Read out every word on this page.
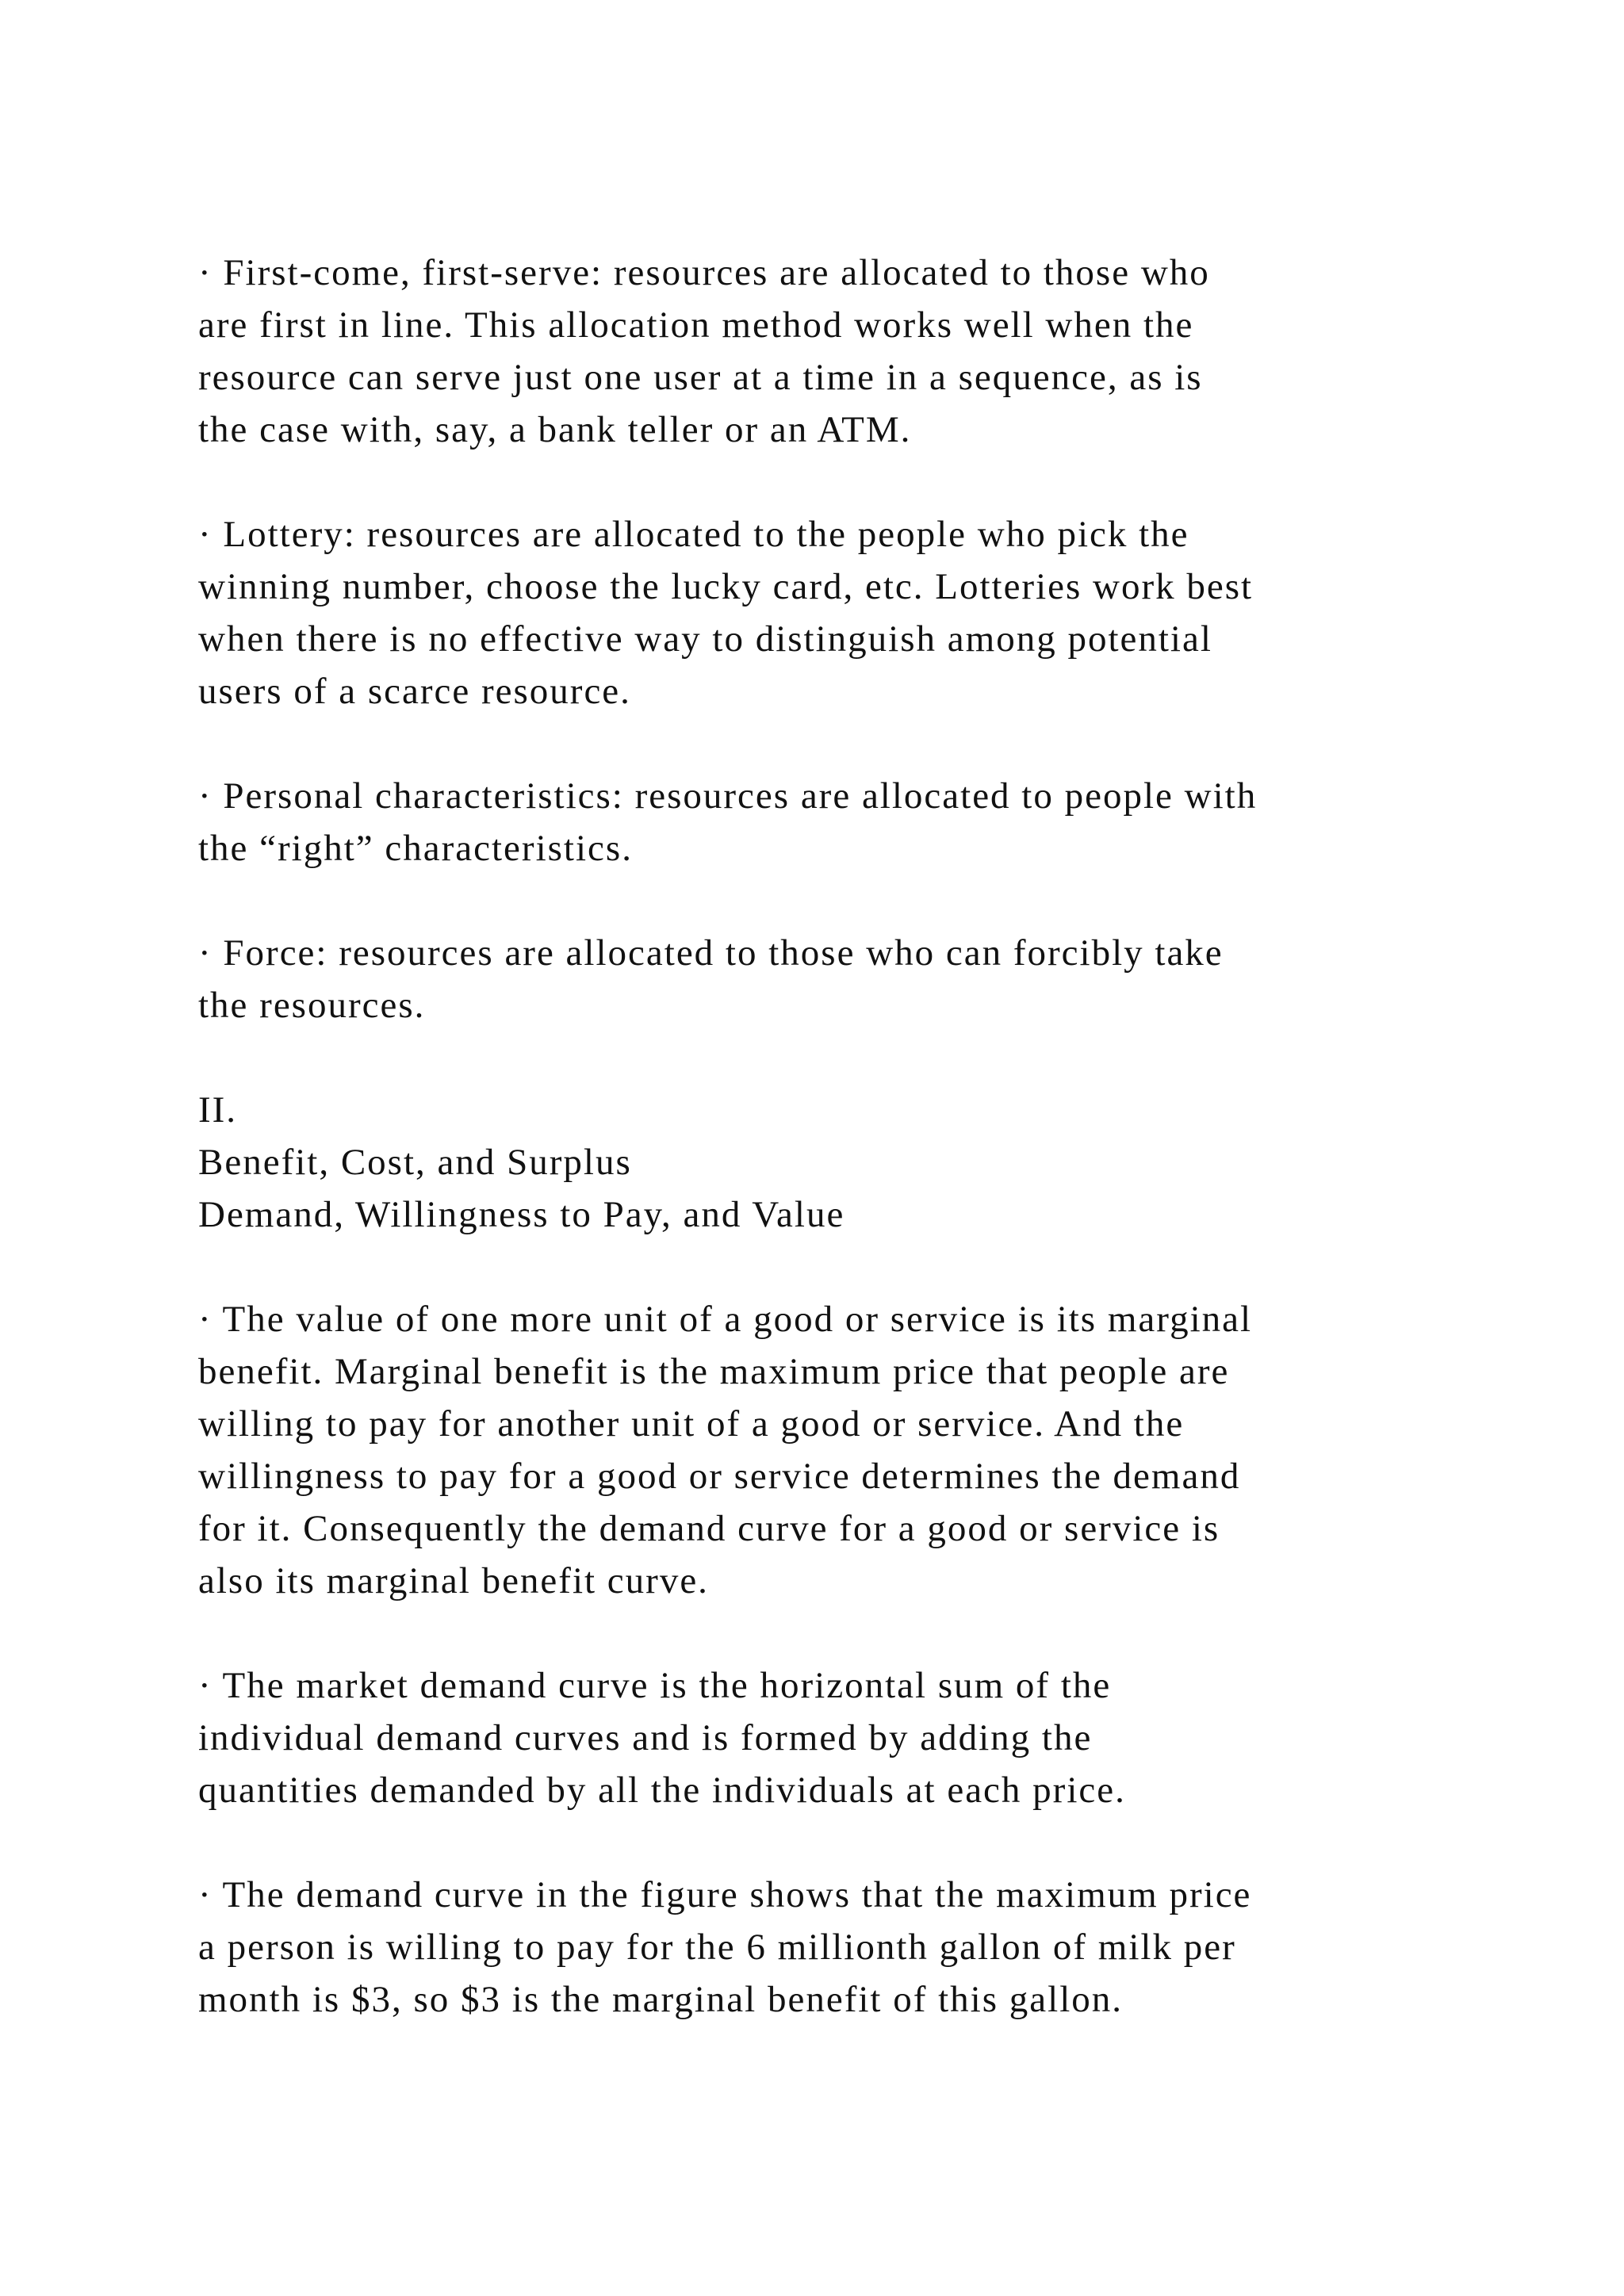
· First-come, first-serve: resources are allocated to those who
are first in line. This allocation method works well when the
resource can serve just one user at a time in a sequence, as is
the case with, say, a bank teller or an ATM.
· Lottery: resources are allocated to the people who pick the
winning number, choose the lucky card, etc. Lotteries work best
when there is no effective way to distinguish among potential
users of a scarce resource.
· Personal characteristics: resources are allocated to people with
the “right” characteristics.
· Force: resources are allocated to those who can forcibly take
the resources.
II.
Benefit, Cost, and Surplus
Demand, Willingness to Pay, and Value
· The value of one more unit of a good or service is its marginal
benefit. Marginal benefit is the maximum price that people are
willing to pay for another unit of a good or service. And the
willingness to pay for a good or service determines the demand
for it. Consequently the demand curve for a good or service is
also its marginal benefit curve.
· The market demand curve is the horizontal sum of the
individual demand curves and is formed by adding the
quantities demanded by all the individuals at each price.
· The demand curve in the figure shows that the maximum price
a person is willing to pay for the 6 millionth gallon of milk per
month is $3, so $3 is the marginal benefit of this gallon.
